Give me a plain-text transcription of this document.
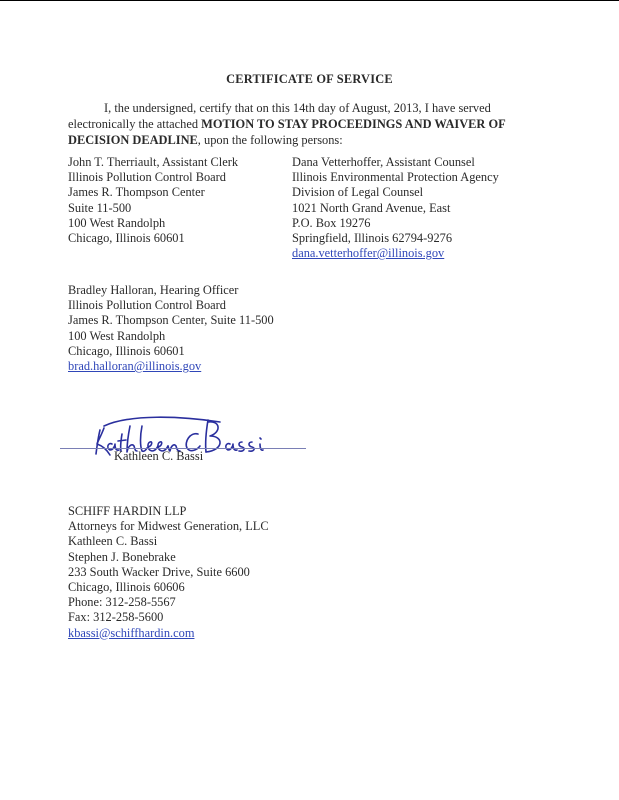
CERTIFICATE OF SERVICE
I, the undersigned, certify that on this 14th day of August, 2013, I have served electronically the attached MOTION TO STAY PROCEEDINGS AND WAIVER OF DECISION DEADLINE, upon the following persons:
John T. Therriault, Assistant Clerk
Illinois Pollution Control Board
James R. Thompson Center
Suite 11-500
100 West Randolph
Chicago, Illinois 60601
Dana Vetterhoffer, Assistant Counsel
Illinois Environmental Protection Agency
Division of Legal Counsel
1021 North Grand Avenue, East
P.O. Box 19276
Springfield, Illinois 62794-9276
dana.vetterhoffer@illinois.gov
Bradley Halloran, Hearing Officer
Illinois Pollution Control Board
James R. Thompson Center, Suite 11-500
100 West Randolph
Chicago, Illinois 60601
brad.halloran@illinois.gov
Kathleen C. Bassi
SCHIFF HARDIN LLP
Attorneys for Midwest Generation, LLC
Kathleen C. Bassi
Stephen J. Bonebrake
233 South Wacker Drive, Suite 6600
Chicago, Illinois 60606
Phone: 312-258-5567
Fax: 312-258-5600
kbassi@schiffhardin.com
